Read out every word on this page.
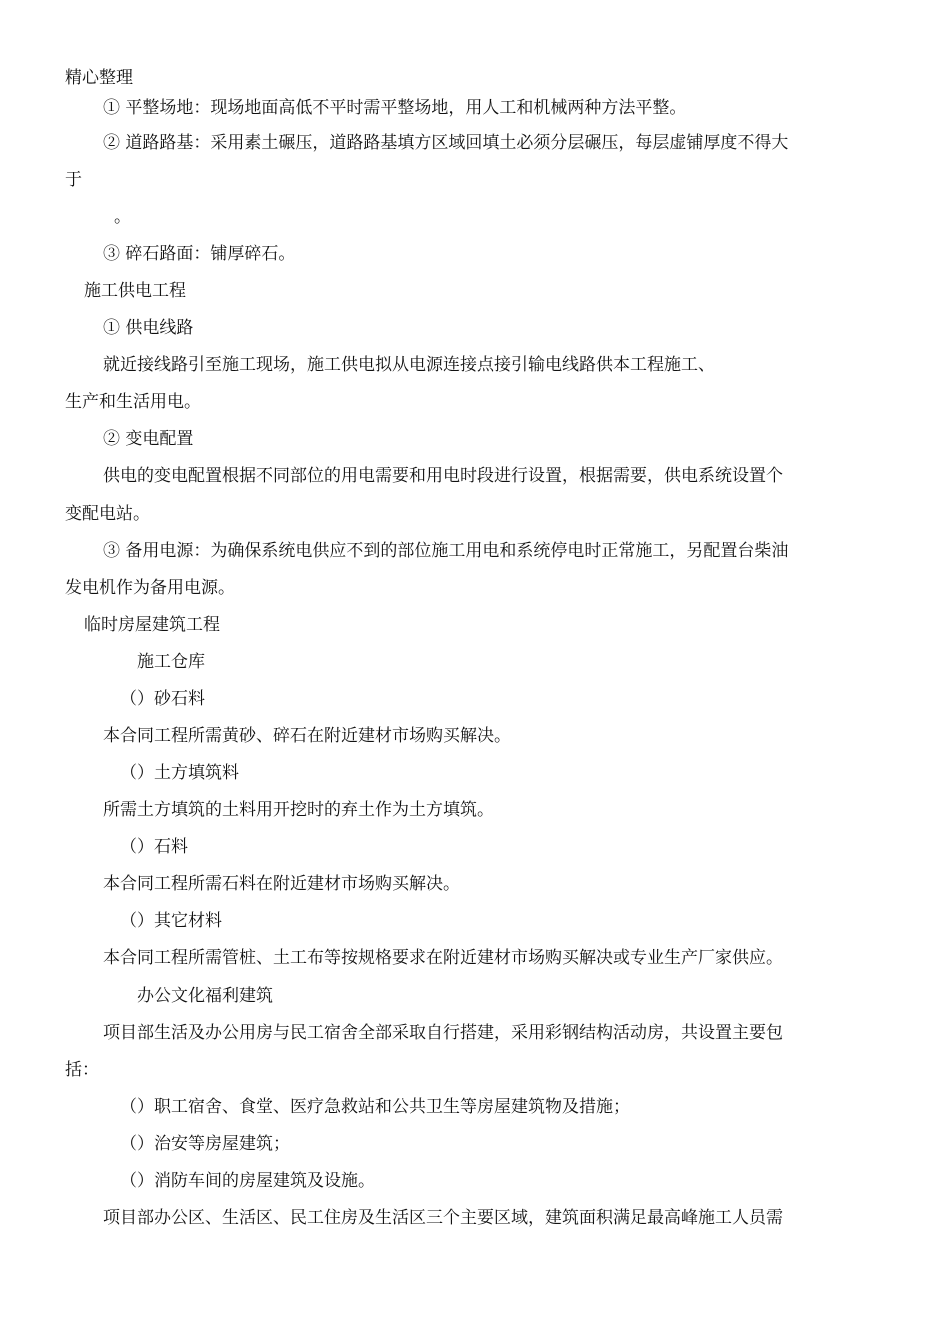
精心整理
① 平整场地：现场地面高低不平时需平整场地，用人工和机械两种方法平整。
② 道路路基：采用素土碾压，道路路基填方区域回填土必须分层碾压，每层虚铺厚度不得大
于
。
③ 碎石路面：铺厚碎石。
施工供电工程
① 供电线路
就近接线路引至施工现场，施工供电拟从电源连接点接引输电线路供本工程施工、
生产和生活用电。
② 变电配置
供电的变电配置根据不同部位的用电需要和用电时段进行设置，根据需要，供电系统设置个
变配电站。
③ 备用电源：为确保系统电供应不到的部位施工用电和系统停电时正常施工，另配置台柴油
发电机作为备用电源。
临时房屋建筑工程
施工仓库
（）砂石料
本合同工程所需黄砂、碎石在附近建材市场购买解决。
（）土方填筑料
所需土方填筑的土料用开挖时的弃土作为土方填筑。
（）石料
本合同工程所需石料在附近建材市场购买解决。
（）其它材料
本合同工程所需管桩、土工布等按规格要求在附近建材市场购买解决或专业生产厂家供应。
办公文化福利建筑
项目部生活及办公用房与民工宿舍全部采取自行搭建，采用彩钢结构活动房，共设置主要包
括：
（）职工宿舍、食堂、医疗急救站和公共卫生等房屋建筑物及措施；
（）治安等房屋建筑；
（）消防车间的房屋建筑及设施。
项目部办公区、生活区、民工住房及生活区三个主要区域，建筑面积满足最高峰施工人员需
